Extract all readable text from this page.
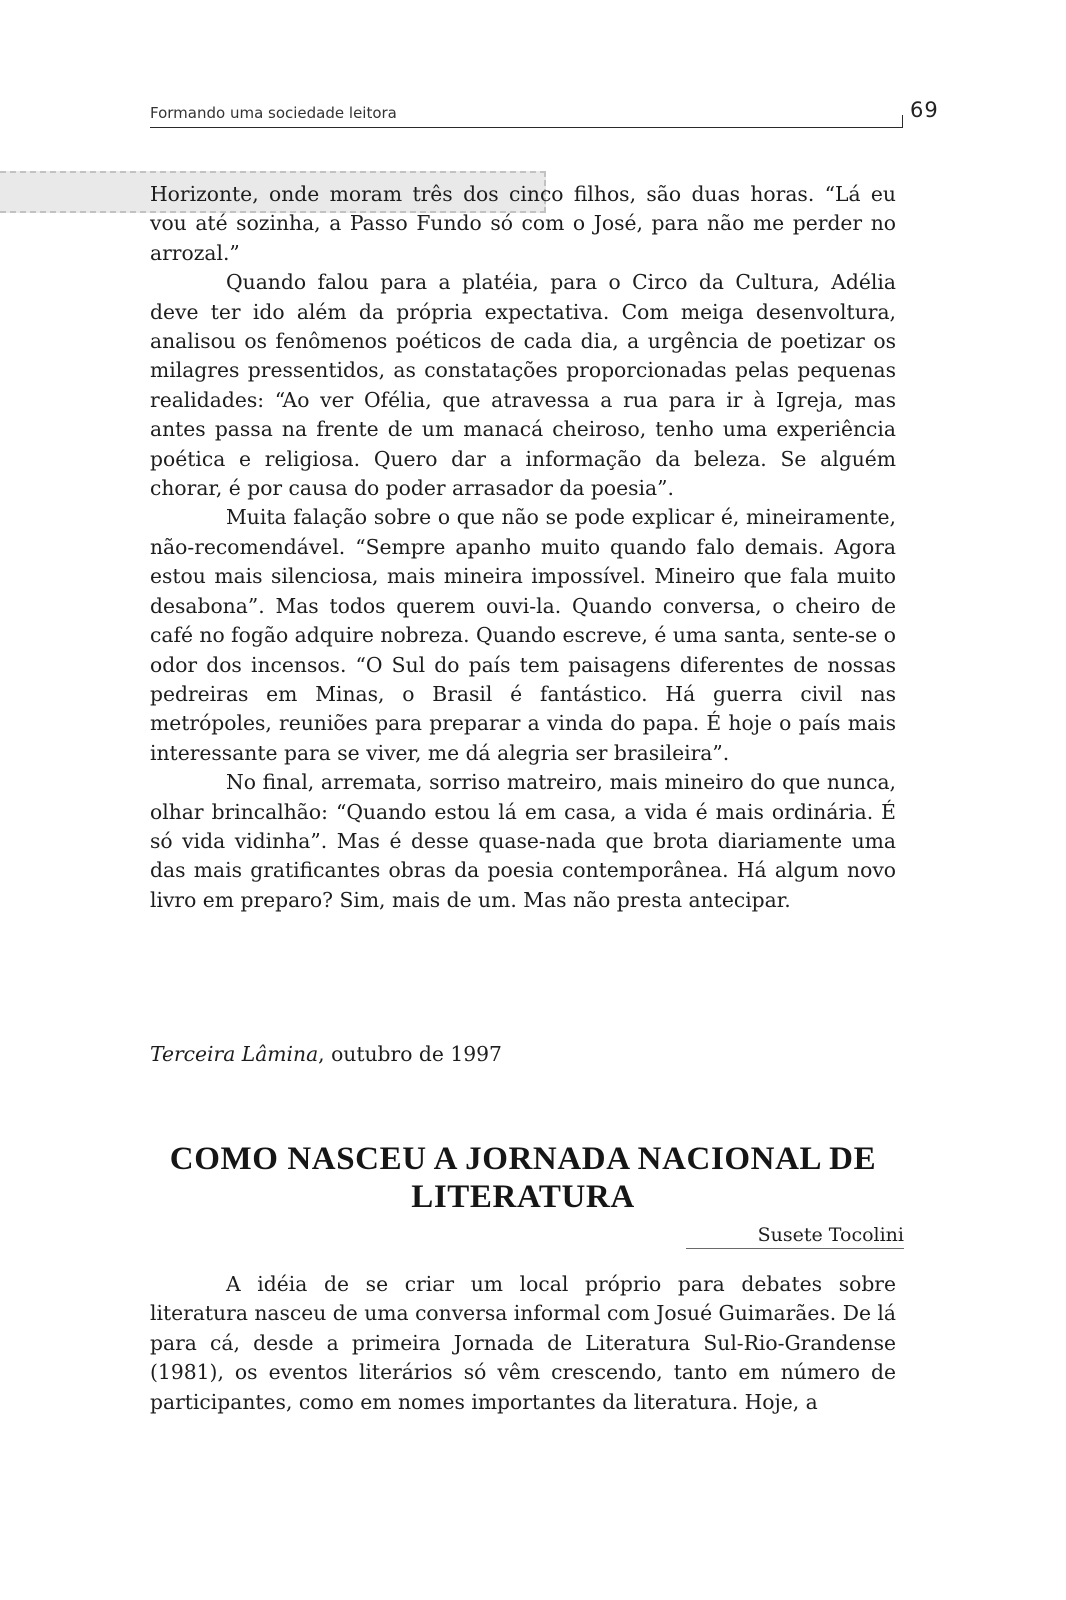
Formando uma sociedade leitora	69

Horizonte, onde moram três dos cinco filhos, são duas horas. “Lá eu vou até sozinha, a Passo Fundo só com o José, para não me perder no arrozal.”

Quando falou para a platéia, para o Circo da Cultura, Adélia deve ter ido além da própria expectativa. Com meiga desenvoltura, analisou os fenômenos poéticos de cada dia, a urgência de poetizar os milagres pressentidos, as constatações proporcionadas pelas pequenas realidades: “Ao ver Ofélia, que atravessa a rua para ir à Igreja, mas antes passa na frente de um manacá cheiroso, tenho uma experiência poética e religiosa. Quero dar a informação da beleza. Se alguém chorar, é por causa do poder arrasador da poesia”.

Muita falação sobre o que não se pode explicar é, mineiramente, não-recomendável. “Sempre apanho muito quando falo demais. Agora estou mais silenciosa, mais mineira impossível. Mineiro que fala muito desabona”. Mas todos querem ouvi-la. Quando conversa, o cheiro de café no fogão adquire nobreza. Quando escreve, é uma santa, sente-se o odor dos incensos. “O Sul do país tem paisagens diferentes de nossas pedreiras em Minas, o Brasil é fantástico. Há guerra civil nas metrópoles, reuniões para preparar a vinda do papa. É hoje o país mais interessante para se viver, me dá alegria ser brasileira”.

No final, arremata, sorriso matreiro, mais mineiro do que nunca, olhar brincalhão: “Quando estou lá em casa, a vida é mais ordinária. É só vida vidinha”. Mas é desse quase-nada que brota diariamente uma das mais gratificantes obras da poesia contemporânea. Há algum novo livro em preparo? Sim, mais de um. Mas não presta antecipar.

Terceira Lâmina, outubro de 1997
COMO NASCEU A JORNADA NACIONAL DE LITERATURA
Susete Tocolini

A idéia de se criar um local próprio para debates sobre literatura nasceu de uma conversa informal com Josué Guimarães. De lá para cá, desde a primeira Jornada de Literatura Sul-Rio-Grandense (1981), os eventos literários só vêm crescendo, tanto em número de participantes, como em nomes importantes da literatura. Hoje, a
